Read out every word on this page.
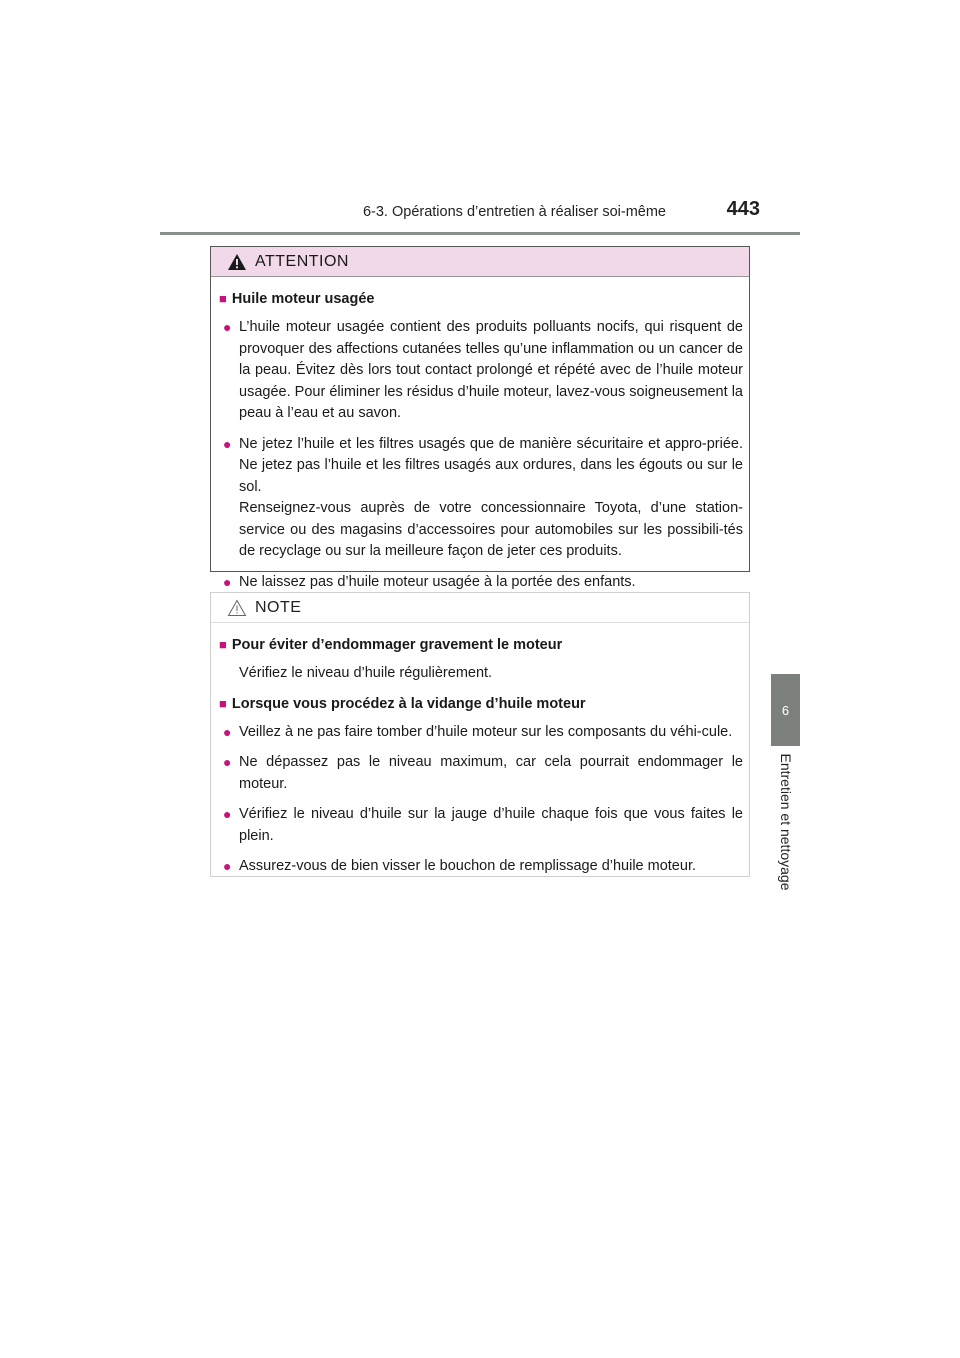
6-3. Opérations d’entretien à réaliser soi-même	443
6
Entretien et nettoyage
ATTENTION
■ Huile moteur usagée
● L’huile moteur usagée contient des produits polluants nocifs, qui risquent de provoquer des affections cutanées telles qu’une inflammation ou un cancer de la peau. Évitez dès lors tout contact prolongé et répété avec de l’huile moteur usagée. Pour éliminer les résidus d’huile moteur, lavez-vous soigneusement la peau à l’eau et au savon.

● Ne jetez l’huile et les filtres usagés que de manière sécuritaire et appro-priée. Ne jetez pas l’huile et les filtres usagés aux ordures, dans les égouts ou sur le sol.

Renseignez-vous auprès de votre concessionnaire Toyota, d’une station-service ou des magasins d’accessoires pour automobiles sur les possibili-tés de recyclage ou sur la meilleure façon de jeter ces produits.

● Ne laissez pas d’huile moteur usagée à la portée des enfants.

NOTE
■ Pour éviter d’endommager gravement le moteur
Vérifiez le niveau d’huile régulièrement.
■ Lorsque vous procédez à la vidange d’huile moteur
● Veillez à ne pas faire tomber d’huile moteur sur les composants du véhi-cule.
● Ne dépassez pas le niveau maximum, car cela pourrait endommager le moteur.
● Vérifiez le niveau d’huile sur la jauge d’huile chaque fois que vous faites le plein.
● Assurez-vous de bien visser le bouchon de remplissage d’huile moteur.
